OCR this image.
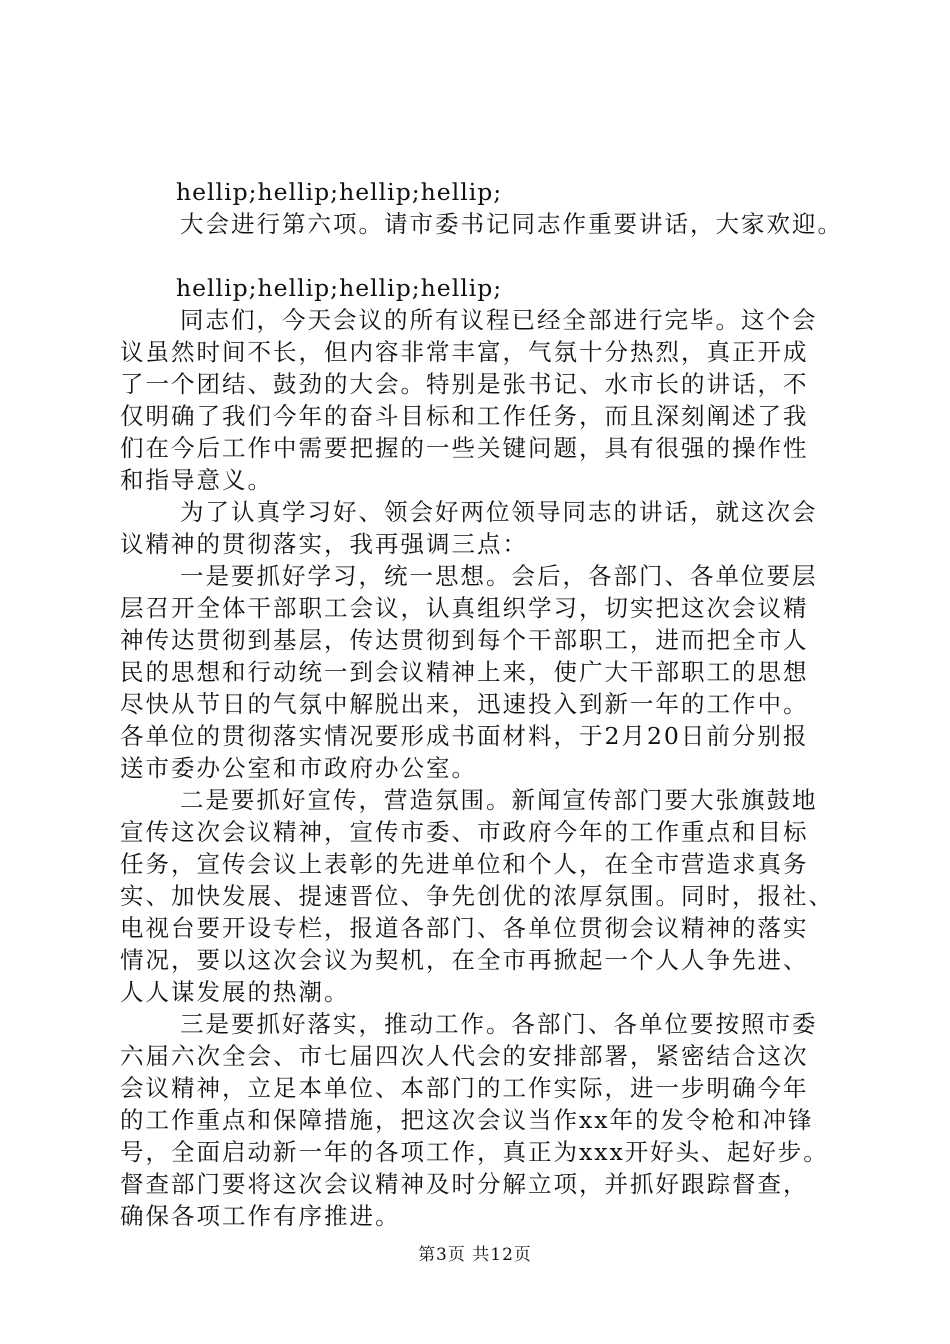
hellip;hellip;hellip;hellip;

大会进行第六项。请市委书记同志作重要讲话，大家欢迎。

hellip;hellip;hellip;hellip;

同志们，今天会议的所有议程已经全部进行完毕。这个会

议虽然时间不长，但内容非常丰富，气氛十分热烈，真正开成

了一个团结、鼓劲的大会。特别是张书记、水市长的讲话，不

仅明确了我们今年的奋斗目标和工作任务，而且深刻阐述了我

们在今后工作中需要把握的一些关键问题，具有很强的操作性

和指导意义。

为了认真学习好、领会好两位领导同志的讲话，就这次会

议精神的贯彻落实，我再强调三点：

一是要抓好学习，统一思想。会后，各部门、各单位要层

层召开全体干部职工会议，认真组织学习，切实把这次会议精

神传达贯彻到基层，传达贯彻到每个干部职工，进而把全市人

民的思想和行动统一到会议精神上来，使广大干部职工的思想

尽快从节日的气氛中解脱出来，迅速投入到新一年的工作中。

各单位的贯彻落实情况要形成书面材料，于2月20日前分别报

送市委办公室和市政府办公室。

二是要抓好宣传，营造氛围。新闻宣传部门要大张旗鼓地

宣传这次会议精神，宣传市委、市政府今年的工作重点和目标

任务，宣传会议上表彰的先进单位和个人，在全市营造求真务

实、加快发展、提速晋位、争先创优的浓厚氛围。同时，报社、

电视台要开设专栏，报道各部门、各单位贯彻会议精神的落实

情况，要以这次会议为契机，在全市再掀起一个人人争先进、

人人谋发展的热潮。

三是要抓好落实，推动工作。各部门、各单位要按照市委

六届六次全会、市七届四次人代会的安排部署，紧密结合这次

会议精神，立足本单位、本部门的工作实际，进一步明确今年

的工作重点和保障措施，把这次会议当作xx年的发令枪和冲锋

号，全面启动新一年的各项工作，真正为xxx开好头、起好步。

督查部门要将这次会议精神及时分解立项，并抓好跟踪督查，

确保各项工作有序推进。

第3页 共12页
